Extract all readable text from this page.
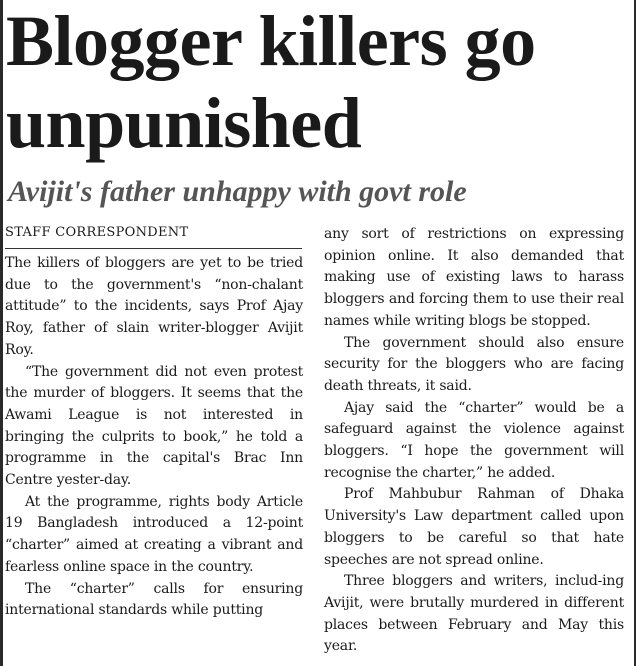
Blogger killers go
unpunished
Avijit's father unhappy with govt role
STAFF CORRESPONDENT

The killers of bloggers are yet to be tried due to the government's “non-chalant attitude” to the incidents, says Prof Ajay Roy, father of slain writer-blogger Avijit Roy.

“The government did not even protest the murder of bloggers. It seems that the Awami League is not interested in bringing the culprits to book,” he told a programme in the capital's Brac Inn Centre yester-day.

At the programme, rights body Article 19 Bangladesh introduced a 12-point “charter” aimed at creating a vibrant and fearless online space in the country.

The “charter” calls for ensuring international standards while putting

any sort of restrictions on expressing opinion online. It also demanded that making use of existing laws to harass bloggers and forcing them to use their real names while writing blogs be stopped.

The government should also ensure security for the bloggers who are facing death threats, it said.

Ajay said the “charter” would be a safeguard against the violence against bloggers. “I hope the government will recognise the charter,” he added.

Prof Mahbubur Rahman of Dhaka University's Law department called upon bloggers to be careful so that hate speeches are not spread online.

Three bloggers and writers, includ-ing Avijit, were brutally murdered in different places between February and May this year.
